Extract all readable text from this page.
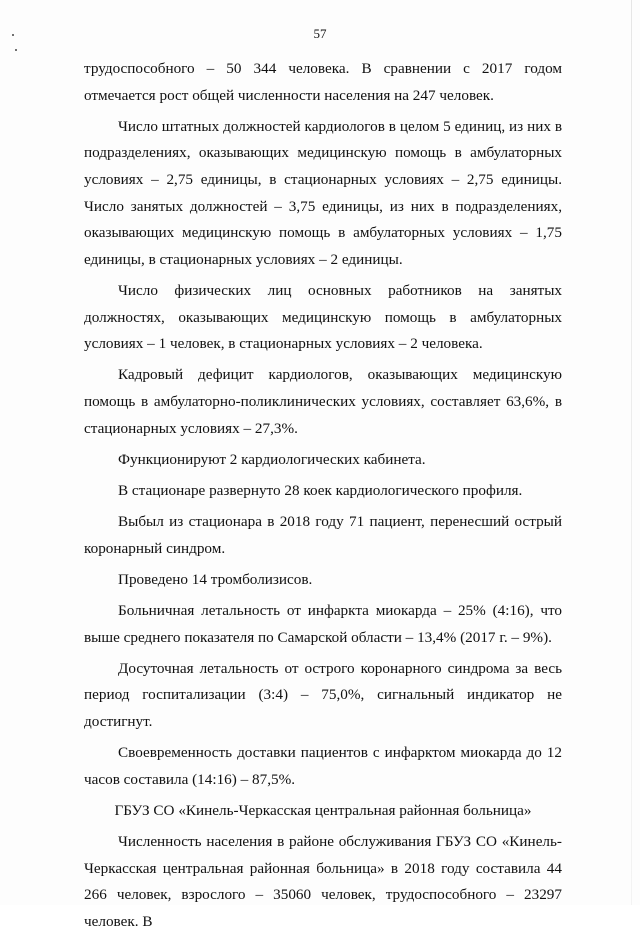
57

трудоспособного – 50 344 человека. В сравнении с 2017 годом отмечается рост общей численности населения на 247 человек.

Число штатных должностей кардиологов в целом 5 единиц, из них в подразделениях, оказывающих медицинскую помощь в амбулаторных условиях – 2,75 единицы, в стационарных условиях – 2,75 единицы. Число занятых должностей – 3,75 единицы, из них в подразделениях, оказывающих медицинскую помощь в амбулаторных условиях – 1,75 единицы, в стационарных условиях – 2 единицы.

Число физических лиц основных работников на занятых должностях, оказывающих медицинскую помощь в амбулаторных условиях – 1 человек, в стационарных условиях – 2 человека.

Кадровый дефицит кардиологов, оказывающих медицинскую помощь в амбулаторно-поликлинических условиях, составляет 63,6%, в стационарных условиях – 27,3%.

Функционируют 2 кардиологических кабинета.

В стационаре развернуто 28 коек кардиологического профиля.

Выбыл из стационара в 2018 году 71 пациент, перенесший острый коронарный синдром.

Проведено 14 тромболизисов.

Больничная летальность от инфаркта миокарда – 25% (4:16), что выше среднего показателя по Самарской области – 13,4% (2017 г. – 9%).

Досуточная летальность от острого коронарного синдрома за весь период госпитализации (3:4) – 75,0%, сигнальный индикатор не достигнут.

Своевременность доставки пациентов с инфарктом миокарда до 12 часов составила (14:16) – 87,5%.

ГБУЗ СО «Кинель-Черкасская центральная районная больница»

Численность населения в районе обслуживания ГБУЗ СО «Кинель-Черкасская центральная районная больница» в 2018 году составила 44 266 человек, взрослого – 35060 человек, трудоспособного – 23297 человек. В
